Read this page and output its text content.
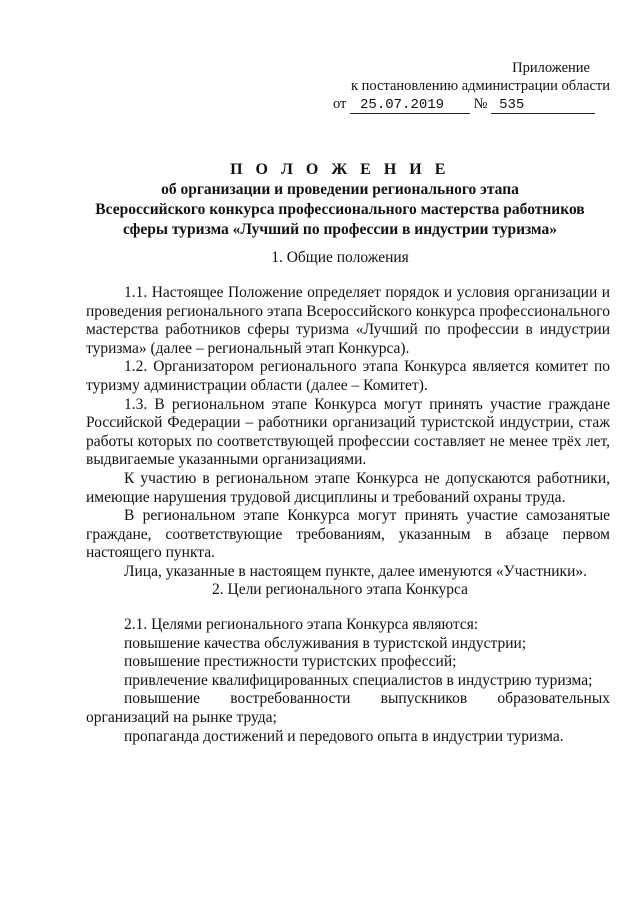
Приложение
к постановлению администрации области
от 25.07.2019 № 535
П О Л О Ж Е Н И Е
об организации и проведении регионального этапа
Всероссийского конкурса профессионального мастерства работников
сферы туризма «Лучший по профессии в индустрии туризма»
1. Общие положения

1.1. Настоящее Положение определяет порядок и условия организации и проведения регионального этапа Всероссийского конкурса профессионального мастерства работников сферы туризма «Лучший по профессии в индустрии туризма» (далее – региональный этап Конкурса).

1.2. Организатором регионального этапа Конкурса является комитет по туризму администрации области (далее – Комитет).

1.3. В региональном этапе Конкурса могут принять участие граждане Российской Федерации – работники организаций туристской индустрии, стаж работы которых по соответствующей профессии составляет не менее трёх лет, выдвигаемые указанными организациями.

К участию в региональном этапе Конкурса не допускаются работники, имеющие нарушения трудовой дисциплины и требований охраны труда.

В региональном этапе Конкурса могут принять участие самозанятые граждане, соответствующие требованиям, указанным в абзаце первом настоящего пункта.

Лица, указанные в настоящем пункте, далее именуются «Участники».

2. Цели регионального этапа Конкурса

2.1. Целями регионального этапа Конкурса являются:

повышение качества обслуживания в туристской индустрии;

повышение престижности туристских профессий;

привлечение квалифицированных специалистов в индустрию туризма;

повышение востребованности выпускников образовательных организаций на рынке труда;

пропаганда достижений и передового опыта в индустрии туризма.
